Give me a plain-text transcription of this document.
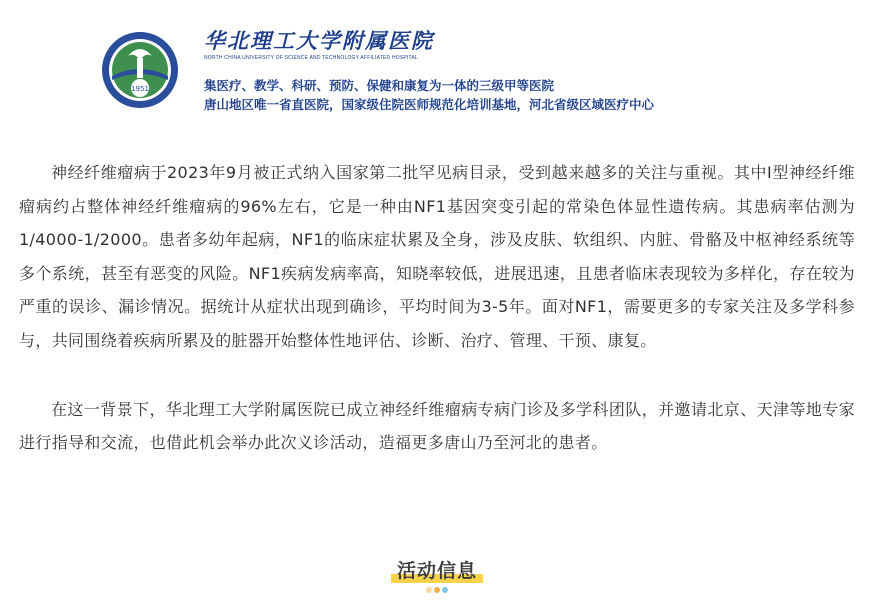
1951
华北理工大学附属医院
NORTH CHINA UNIVERSITY OF SCIENCE AND TECHNOLOGY AFFILIATED HOSPITAL
集医疗、教学、科研、预防、保健和康复为一体的三级甲等医院
唐山地区唯一省直医院，国家级住院医师规范化培训基地，河北省级区域医疗中心

神经纤维瘤病于2023年9月被正式纳入国家第二批罕见病目录，受到越来越多的关注与重视。其中Ⅰ型神经纤维瘤病约占整体神经纤维瘤病的96%左右，它是一种由NF1基因突变引起的常染色体显性遗传病。其患病率估测为1/4000-1/2000。患者多幼年起病，NF1的临床症状累及全身，涉及皮肤、软组织、内脏、骨骼及中枢神经系统等多个系统，甚至有恶变的风险。NF1疾病发病率高，知晓率较低，进展迅速，且患者临床表现较为多样化，存在较为严重的误诊、漏诊情况。据统计从症状出现到确诊，平均时间为3-5年。面对NF1，需要更多的专家关注及多学科参与，共同围绕着疾病所累及的脏器开始整体性地评估、诊断、治疗、管理、干预、康复。

在这一背景下，华北理工大学附属医院已成立神经纤维瘤病专病门诊及多学科团队，并邀请北京、天津等地专家进行指导和交流，也借此机会举办此次义诊活动，造福更多唐山乃至河北的患者。

活动信息
